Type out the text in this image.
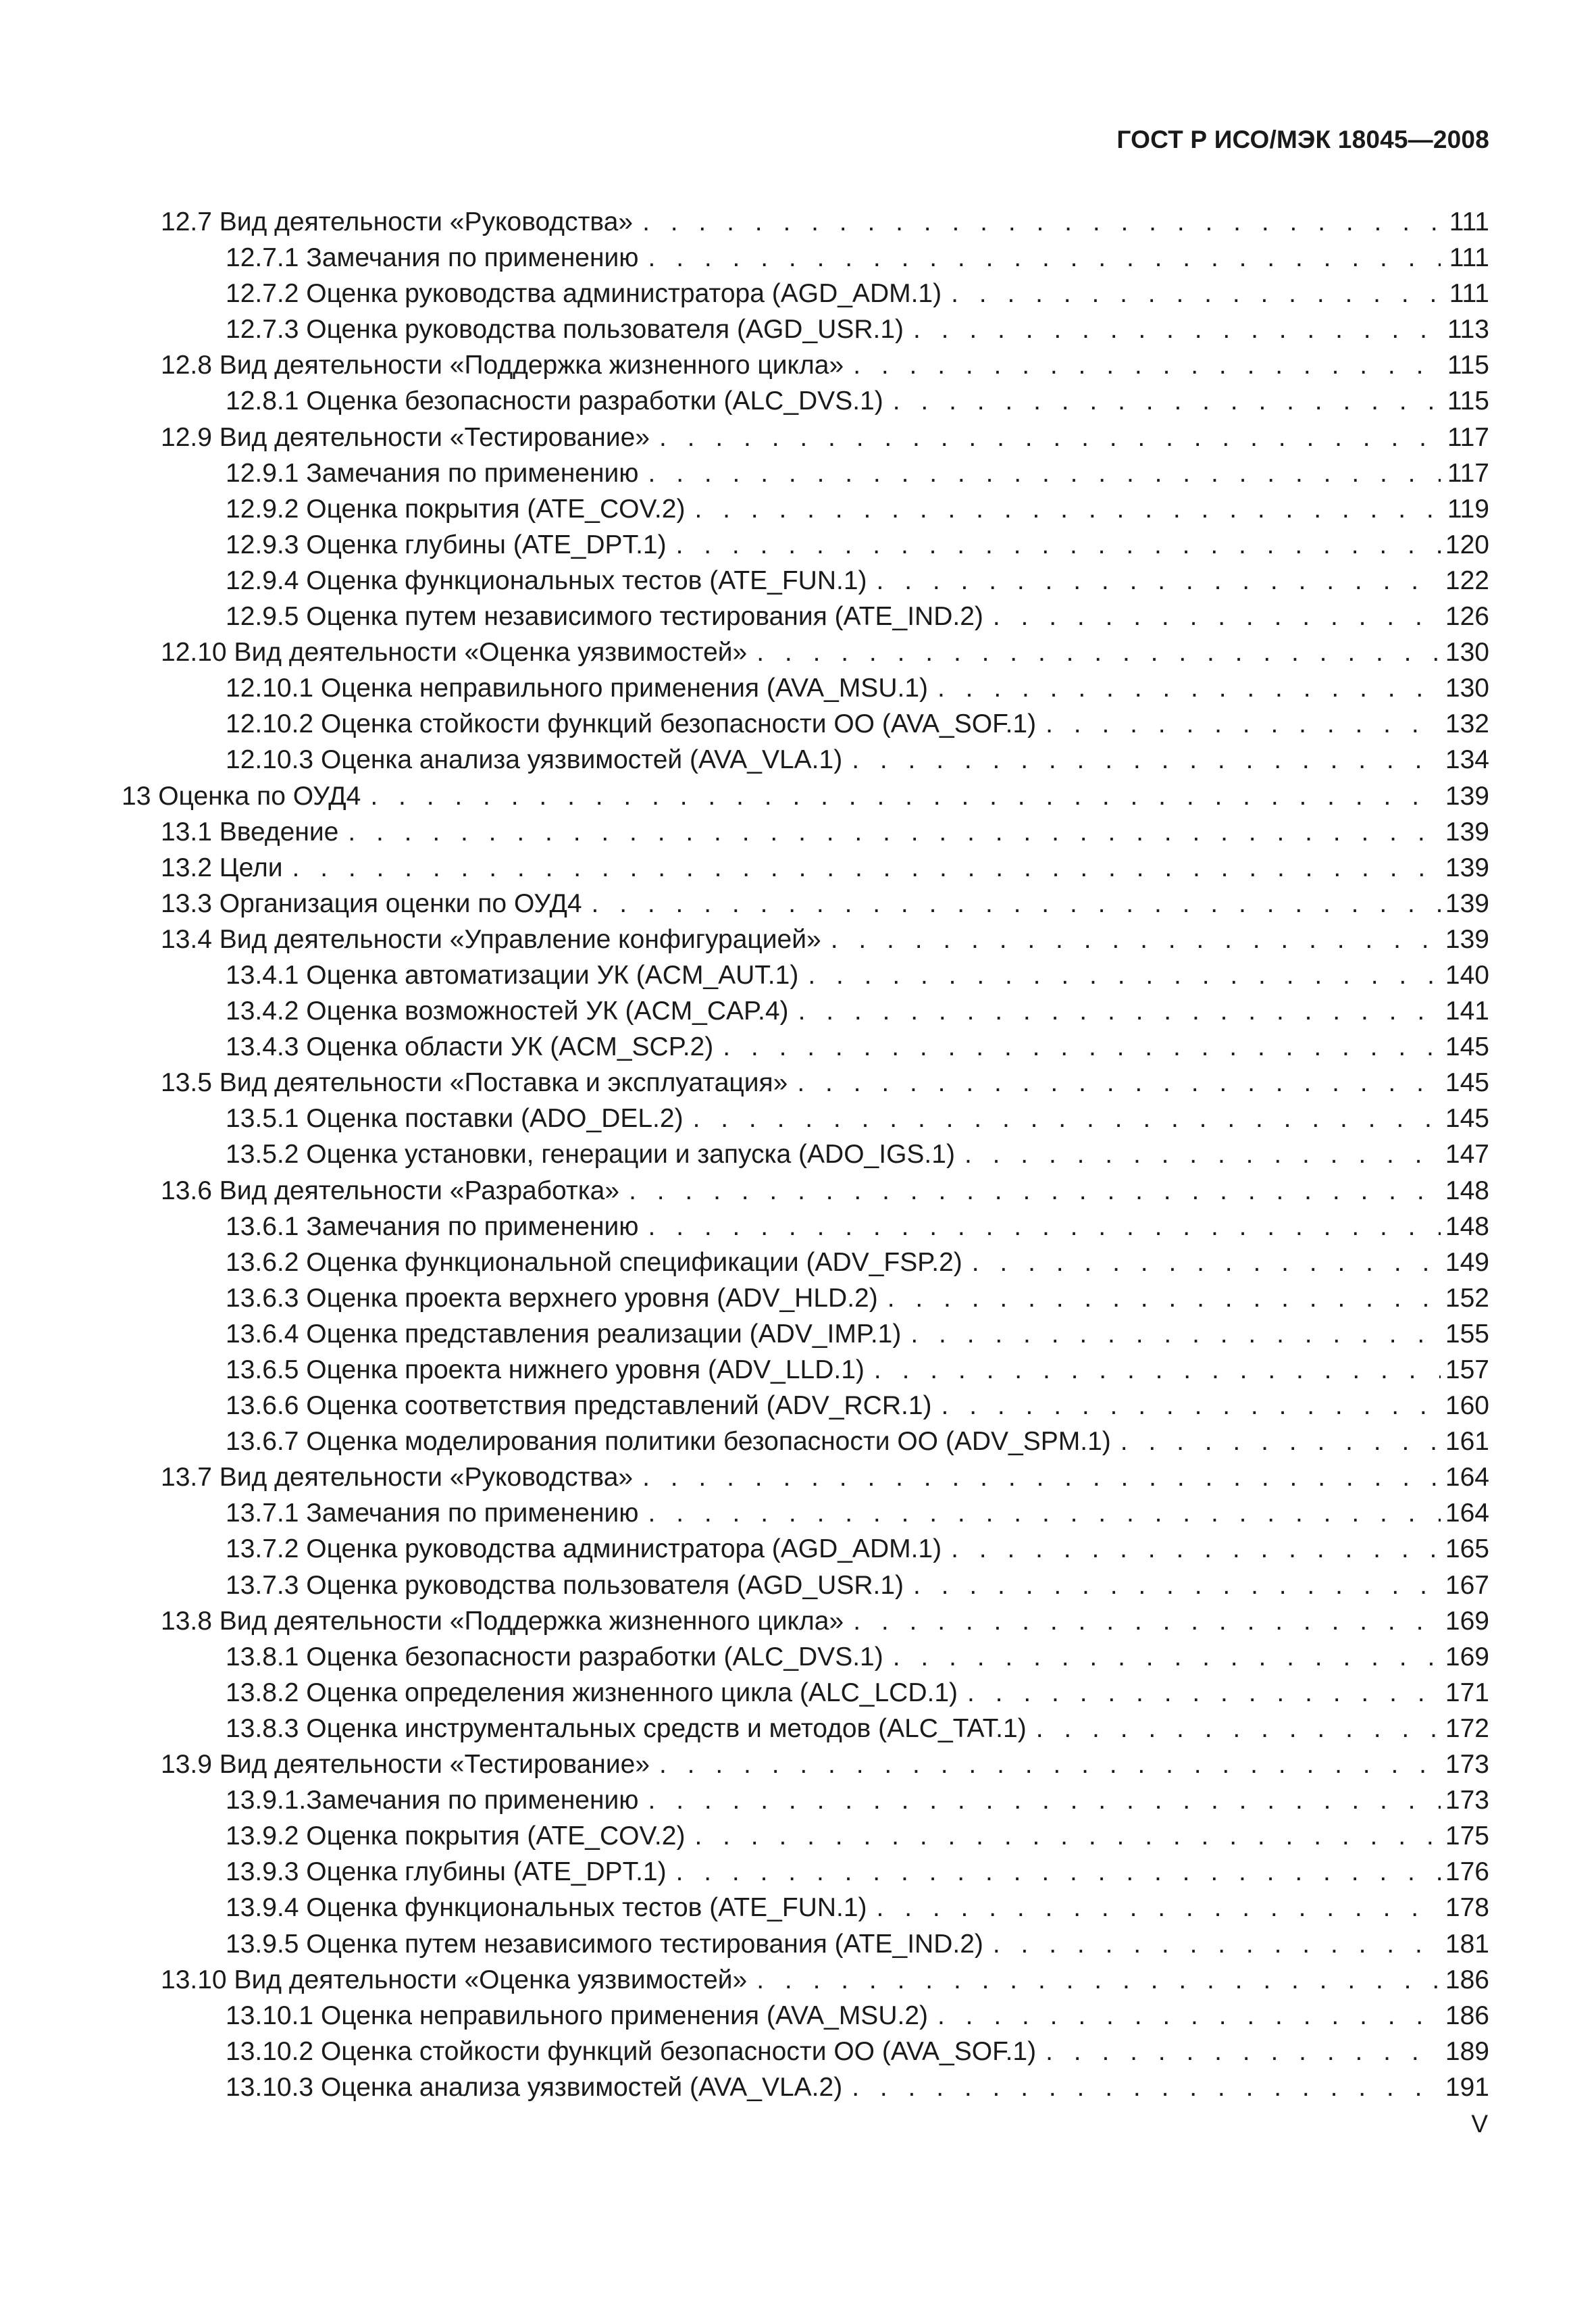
ГОСТ Р ИСО/МЭК 18045—2008
12.7 Вид деятельности «Руководства» . . .	111
12.7.1 Замечания по применению . . .	111
12.7.2 Оценка руководства администратора (AGD_ADM.1) . . .	111
12.7.3 Оценка руководства пользователя (AGD_USR.1) . . .	113
12.8 Вид деятельности «Поддержка жизненного цикла» . . .	115
12.8.1 Оценка безопасности разработки (ALC_DVS.1) . . .	115
12.9 Вид деятельности «Тестирование» . . .	117
12.9.1 Замечания по применению . . .	117
12.9.2 Оценка покрытия (ATE_COV.2) . . .	119
12.9.3 Оценка глубины (ATE_DPT.1) . . .	120
12.9.4 Оценка функциональных тестов (ATE_FUN.1) . . .	122
12.9.5 Оценка путем независимого тестирования (ATE_IND.2) . . .	126
12.10 Вид деятельности «Оценка уязвимостей» . . .	130
12.10.1 Оценка неправильного применения (AVA_MSU.1) . . .	130
12.10.2 Оценка стойкости функций безопасности ОО (AVA_SOF.1) . . .	132
12.10.3 Оценка анализа уязвимостей (AVA_VLA.1) . . .	134
13 Оценка по ОУД4 . . .	139
13.1 Введение . . .	139
13.2 Цели . . .	139
13.3 Организация оценки по ОУД4 . . .	139
13.4 Вид деятельности «Управление конфигурацией» . . .	139
13.4.1 Оценка автоматизации УК (ACM_AUT.1) . . .	140
13.4.2 Оценка возможностей УК (ACM_CAP.4) . . .	141
13.4.3 Оценка области УК (ACM_SCP.2) . . .	145
13.5 Вид деятельности «Поставка и эксплуатация» . . .	145
13.5.1 Оценка поставки (ADO_DEL.2) . . .	145
13.5.2 Оценка установки, генерации и запуска (ADO_IGS.1) . . .	147
13.6 Вид деятельности «Разработка» . . .	148
13.6.1 Замечания по применению . . .	148
13.6.2 Оценка функциональной спецификации (ADV_FSP.2) . . .	149
13.6.3 Оценка проекта верхнего уровня (ADV_HLD.2) . . .	152
13.6.4 Оценка представления реализации (ADV_IMP.1) . . .	155
13.6.5 Оценка проекта нижнего уровня (ADV_LLD.1) . . .	157
13.6.6 Оценка соответствия представлений (ADV_RCR.1) . . .	160
13.6.7 Оценка моделирования политики безопасности ОО (ADV_SPM.1) . . .	161
13.7 Вид деятельности «Руководства» . . .	164
13.7.1 Замечания по применению . . .	164
13.7.2 Оценка руководства администратора (AGD_ADM.1) . . .	165
13.7.3 Оценка руководства пользователя (AGD_USR.1) . . .	167
13.8 Вид деятельности «Поддержка жизненного цикла» . . .	169
13.8.1 Оценка безопасности разработки (ALC_DVS.1) . . .	169
13.8.2 Оценка определения жизненного цикла (ALC_LCD.1) . . .	171
13.8.3 Оценка инструментальных средств и методов (ALC_TAT.1) . . .	172
13.9 Вид деятельности «Тестирование» . . .	173
13.9.1.Замечания по применению . . .	173
13.9.2 Оценка покрытия (ATE_COV.2) . . .	175
13.9.3 Оценка глубины (ATE_DPT.1) . . .	176
13.9.4 Оценка функциональных тестов (ATE_FUN.1) . . .	178
13.9.5 Оценка путем независимого тестирования (ATE_IND.2) . . .	181
13.10 Вид деятельности «Оценка уязвимостей» . . .	186
13.10.1 Оценка неправильного применения (AVA_MSU.2) . . .	186
13.10.2 Оценка стойкости функций безопасности ОО (AVA_SOF.1) . . .	189
13.10.3 Оценка анализа уязвимостей (AVA_VLA.2) . . .	191
V
